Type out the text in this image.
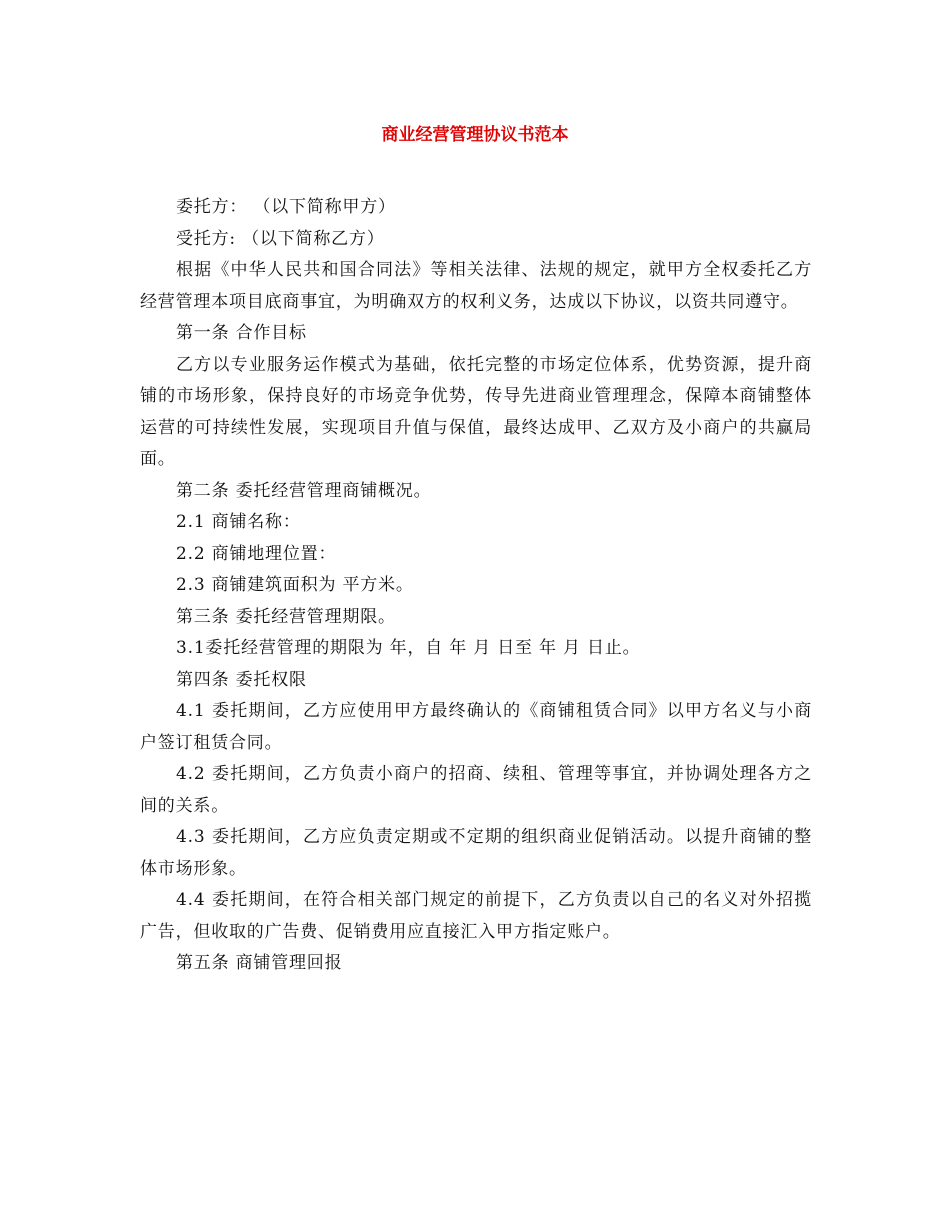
商业经营管理协议书范本

委托方： （以下简称甲方）

受托方: （以下简称乙方）

根据《中华人民共和国合同法》等相关法律、法规的规定，就甲方全权委托乙方经营管理本项目底商事宜，为明确双方的权利义务，达成以下协议，以资共同遵守。

第一条 合作目标

乙方以专业服务运作模式为基础，依托完整的市场定位体系，优势资源，提升商铺的市场形象，保持良好的市场竞争优势，传导先进商业管理理念，保障本商铺整体运营的可持续性发展，实现项目升值与保值，最终达成甲、乙双方及小商户的共赢局面。

第二条 委托经营管理商铺概况。

2.1 商铺名称：

2.2 商铺地理位置：

2.3 商铺建筑面积为 平方米。

第三条 委托经营管理期限。

3.1委托经营管理的期限为 年，自 年 月 日至 年 月 日止。

第四条 委托权限

4.1 委托期间，乙方应使用甲方最终确认的《商铺租赁合同》以甲方名义与小商户签订租赁合同。

4.2 委托期间，乙方负责小商户的招商、续租、管理等事宜，并协调处理各方之间的关系。

4.3 委托期间，乙方应负责定期或不定期的组织商业促销活动。以提升商铺的整体市场形象。

4.4 委托期间，在符合相关部门规定的前提下，乙方负责以自己的名义对外招揽广告，但收取的广告费、促销费用应直接汇入甲方指定账户。

第五条 商铺管理回报
